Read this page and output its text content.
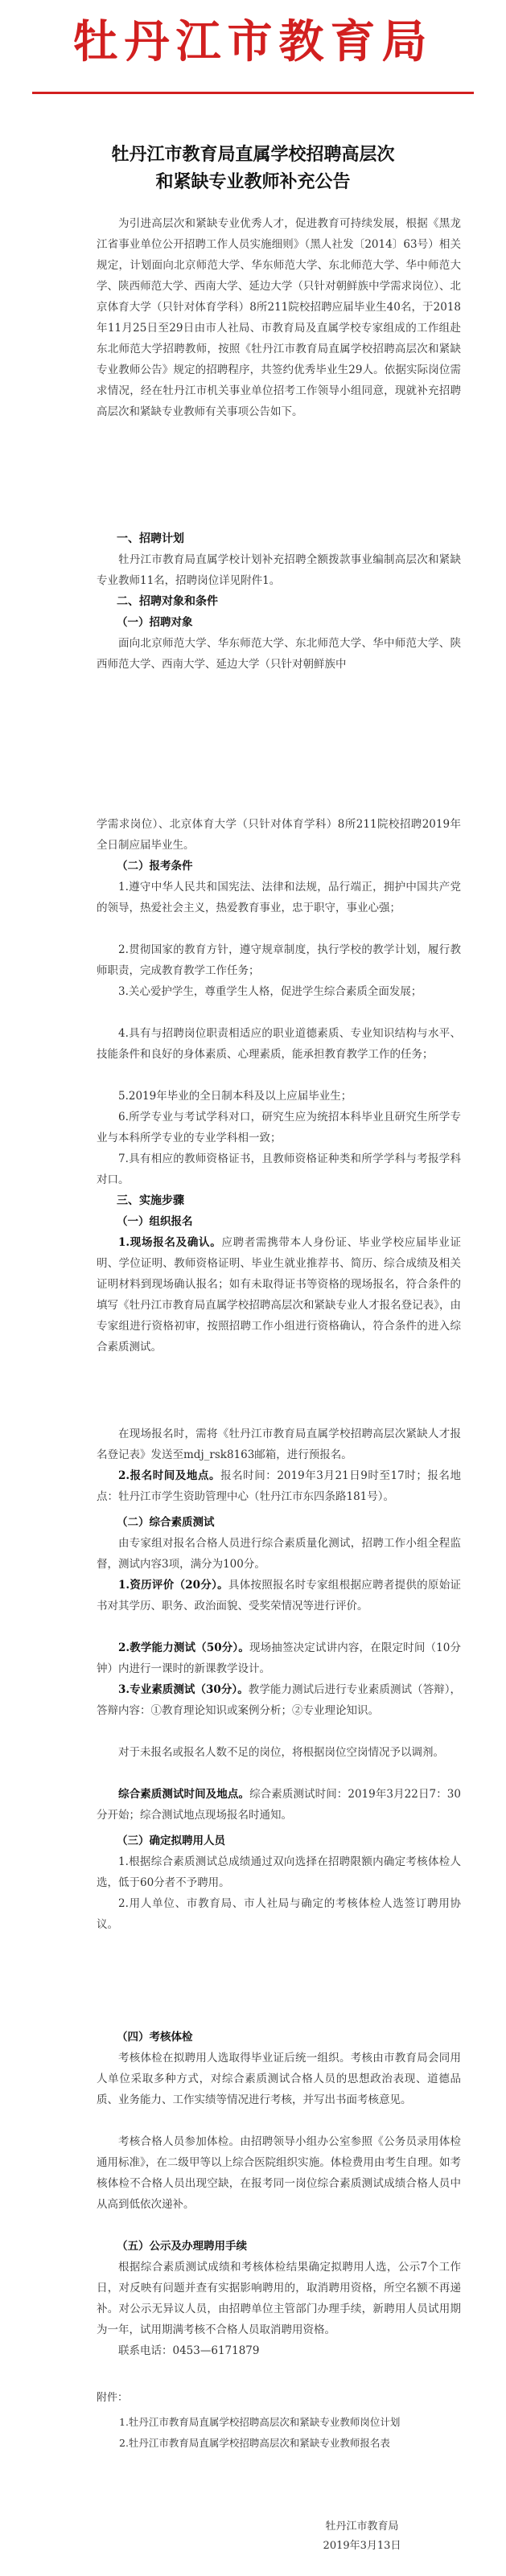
牡丹江市教育局
牡丹江市教育局直属学校招聘高层次
和紧缺专业教师补充公告
为引进高层次和紧缺专业优秀人才，促进教育可持续发展，根据《黑龙江省事业单位公开招聘工作人员实施细则》（黑人社发〔2014〕63号）相关规定，计划面向北京师范大学、华东师范大学、东北师范大学、华中师范大学、陕西师范大学、西南大学、延边大学（只针对朝鲜族中学需求岗位）、北京体育大学（只针对体育学科）8所211院校招聘应届毕业生40名，于2018年11月25日至29日由市人社局、市教育局及直属学校专家组成的工作组赴东北师范大学招聘教师，按照《牡丹江市教育局直属学校招聘高层次和紧缺专业教师公告》规定的招聘程序，共签约优秀毕业生29人。依据实际岗位需求情况，经在牡丹江市机关事业单位招考工作领导小组同意，现就补充招聘高层次和紧缺专业教师有关事项公告如下。
一、招聘计划
牡丹江市教育局直属学校计划补充招聘全额拨款事业编制高层次和紧缺专业教师11名，招聘岗位详见附件1。
二、招聘对象和条件
（一）招聘对象
面向北京师范大学、华东师范大学、东北师范大学、华中师范大学、陕西师范大学、西南大学、延边大学（只针对朝鲜族中
学需求岗位）、北京体育大学（只针对体育学科）8所211院校招聘2019年全日制应届毕业生。
（二）报考条件
1.遵守中华人民共和国宪法、法律和法规，品行端正，拥护中国共产党的领导，热爱社会主义，热爱教育事业，忠于职守，事业心强；
2.贯彻国家的教育方针，遵守规章制度，执行学校的教学计划，履行教师职责，完成教育教学工作任务；
3.关心爱护学生，尊重学生人格，促进学生综合素质全面发展；
4.具有与招聘岗位职责相适应的职业道德素质、专业知识结构与水平、技能条件和良好的身体素质、心理素质，能承担教育教学工作的任务；
5.2019年毕业的全日制本科及以上应届毕业生；
6.所学专业与考试学科对口，研究生应为统招本科毕业且研究生所学专业与本科所学专业的专业学科相一致；
7.具有相应的教师资格证书，且教师资格证种类和所学学科与考报学科对口。
三、实施步骤
（一）组织报名
1.现场报名及确认。应聘者需携带本人身份证、毕业学校应届毕业证明、学位证明、教师资格证明、毕业生就业推荐书、简历、综合成绩及相关证明材料到现场确认报名；如有未取得证书等资格的现场报名，符合条件的填写《牡丹江市教育局直属学校招聘高层次和紧缺专业人才报名登记表》，由专家组进行资格初审，按照招聘工作小组进行资格确认，符合条件的进入综合素质测试。
在现场报名时，需将《牡丹江市教育局直属学校招聘高层次紧缺人才报名登记表》发送至mdj_rsk8163邮箱，进行预报名。
2.报名时间及地点。报名时间：2019年3月21日9时至17时；报名地点：牡丹江市学生资助管理中心（牡丹江市东四条路181号）。
（二）综合素质测试
由专家组对报名合格人员进行综合素质量化测试，招聘工作小组全程监督，测试内容3项，满分为100分。
1.资历评价（20分）。具体按照报名时专家组根据应聘者提供的原始证书对其学历、职务、政治面貌、受奖荣情况等进行评价。
2.教学能力测试（50分）。现场抽签决定试讲内容，在限定时间（10分钟）内进行一课时的新课教学设计。
3.专业素质测试（30分）。教学能力测试后进行专业素质测试（答辩），答辩内容：①教育理论知识或案例分析；②专业理论知识。
对于未报名或报名人数不足的岗位，将根据岗位空岗情况予以调剂。
综合素质测试时间及地点。综合素质测试时间：2019年3月22日7：30分开始；综合测试地点现场报名时通知。
（三）确定拟聘用人员
1.根据综合素质测试总成绩通过双向选择在招聘限额内确定考核体检人选，低于60分者不予聘用。
2.用人单位、市教育局、市人社局与确定的考核体检人选签订聘用协议。
（四）考核体检
考核体检在拟聘用人选取得毕业证后统一组织。考核由市教育局会同用人单位采取多种方式，对综合素质测试合格人员的思想政治表现、道德品质、业务能力、工作实绩等情况进行考核，并写出书面考核意见。
考核合格人员参加体检。由招聘领导小组办公室参照《公务员录用体检通用标准》，在二级甲等以上综合医院组织实施。体检费用由考生自理。如考核体检不合格人员出现空缺，在报考同一岗位综合素质测试成绩合格人员中从高到低依次递补。
（五）公示及办理聘用手续
根据综合素质测试成绩和考核体检结果确定拟聘用人选，公示7个工作日，对反映有问题并查有实据影响聘用的，取消聘用资格，所空名额不再递补。对公示无异议人员，由招聘单位主管部门办理手续，新聘用人员试用期为一年，试用期满考核不合格人员取消聘用资格。
联系电话：0453—6171879
附件：
1.牡丹江市教育局直属学校招聘高层次和紧缺专业教师岗位计划
2.牡丹江市教育局直属学校招聘高层次和紧缺专业教师报名表
牡丹江市教育局
2019年3月13日
